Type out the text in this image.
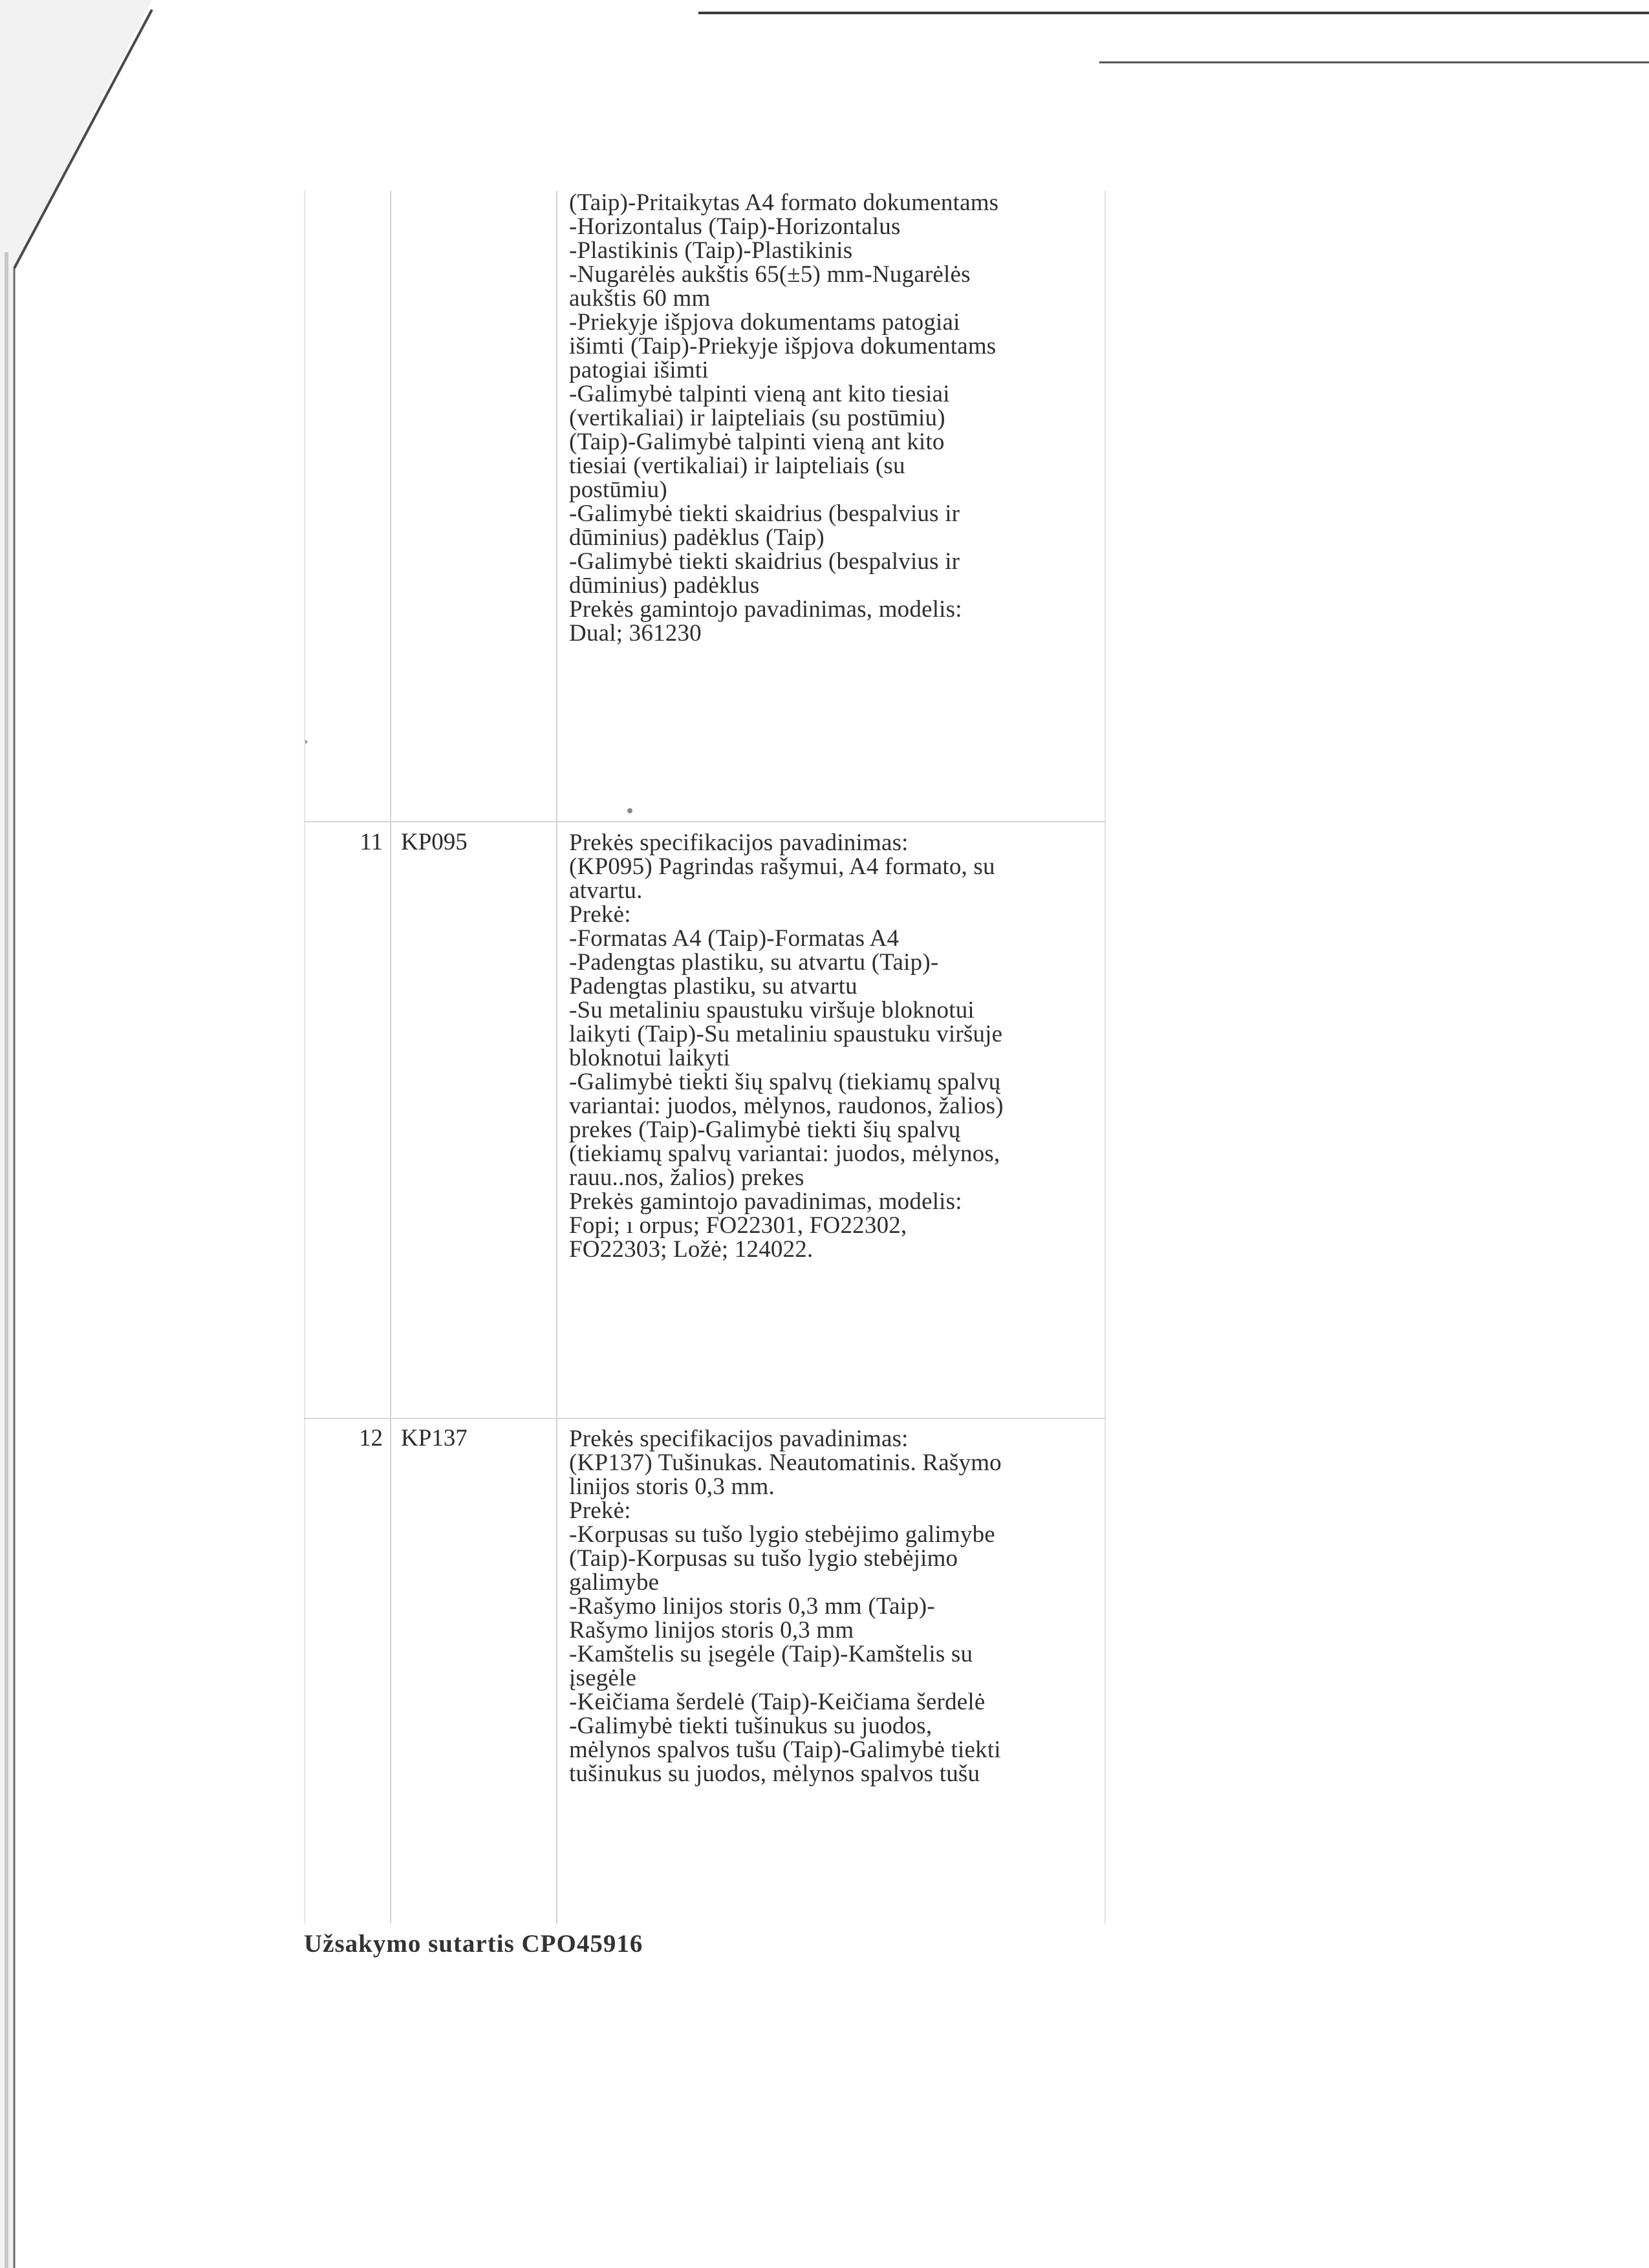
(Taip)-Pritaikytas A4 formato dokumentams
-Horizontalus (Taip)-Horizontalus
-Plastikinis (Taip)-Plastikinis
-Nugarėlės aukštis 65(±5) mm-Nugarėlės
aukštis 60 mm
-Priekyje išpjova dokumentams patogiai
išimti (Taip)-Priekyje išpjova dokumentams
patogiai išimti
-Galimybė talpinti vieną ant kito tiesiai
(vertikaliai) ir laipteliais (su postūmiu)
(Taip)-Galimybė talpinti vieną ant kito
tiesiai (vertikaliai) ir laipteliais (su
postūmiu)
-Galimybė tiekti skaidrius (bespalvius ir
dūminius) padėklus (Taip)
-Galimybė tiekti skaidrius (bespalvius ir
dūminius) padėklus
Prekės gamintojo pavadinimas, modelis:
Dual; 361230
11 KP095	Prekės specifikacijos pavadinimas:
(KP095) Pagrindas rašymui, A4 formato, su
atvartu.
Prekė:
-Formatas A4 (Taip)-Formatas A4
-Padengtas plastiku, su atvartu (Taip)-
Padengtas plastiku, su atvartu
-Su metaliniu spaustuku viršuje bloknotui
laikyti (Taip)-Su metaliniu spaustuku viršuje
bloknotui laikyti
-Galimybė tiekti šių spalvų (tiekiamų spalvų
variantai: juodos, mėlynos, raudonos, žalios)
prekes (Taip)-Galimybė tiekti šių spalvų
(tiekiamų spalvų variantai: juodos, mėlynos,
rauu..nos, žalios) prekes
Prekės gamintojo pavadinimas, modelis:
Fopi; ı orpus; FO22301, FO22302,
FO22303; Ložė; 124022.
12 KP137	Prekės specifikacijos pavadinimas:
(KP137) Tušinukas. Neautomatinis. Rašymo
linijos storis 0,3 mm.
Prekė:
-Korpusas su tušo lygio stebėjimo galimybe
(Taip)-Korpusas su tušo lygio stebėjimo
galimybe
-Rašymo linijos storis 0,3 mm (Taip)-
Rašymo linijos storis 0,3 mm
-Kamštelis su įsegėle (Taip)-Kamštelis su
įsegėle
-Keičiama šerdelė (Taip)-Keičiama šerdelė
-Galimybė tiekti tušinukus su juodos,
mėlynos spalvos tušu (Taip)-Galimybė tiekti
tušinukus su juodos, mėlynos spalvos tušu
Užsakymo sutartis CPO45916
